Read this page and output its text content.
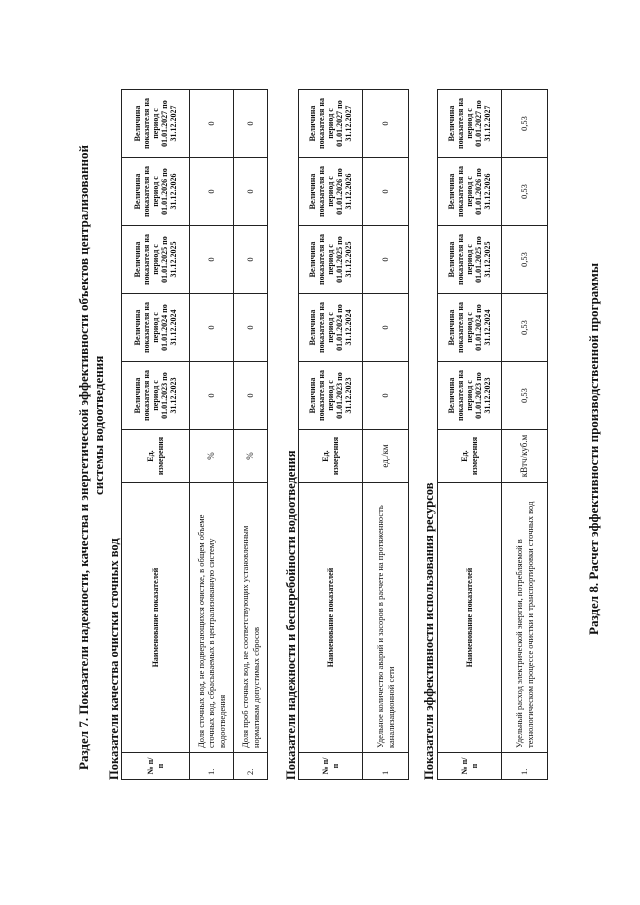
Раздел 7. Показатели надежности, качества и энергетической эффективности объектов централизованной системы водоотведения
Показатели качества очистки сточных вод	№ п/п	Наименование показателей	Ед. измерения	Величина показателя на период с 01.01.2023 по 31.12.2023	Величина показателя на период с 01.01.2024 по 31.12.2024	Величина показателя на период с 01.01.2025 по 31.12.2025	Величина показателя на период с 01.01.2026 по 31.12.2026	Величина показателя на период с 01.01.2027 по 31.12.2027
1.	Доля сточных вод, не подвергающихся очистке, в общем объеме сточных вод, сбрасываемых в централизованную систему водоотведения	%	0	0	0	0	0
2.	Доля проб сточных вод, не соответствующих установленным нормативам допустимых сбросов	%	0	0	0	0	0
Показатели надежности и бесперебойности водоотведения	№ п/п	Наименование показателей	Ед. измерения	Величина показателя на период с 01.01.2023 по 31.12.2023	Величина показателя на период с 01.01.2024 по 31.12.2024	Величина показателя на период с 01.01.2025 по 31.12.2025	Величина показателя на период с 01.01.2026 по 31.12.2026	Величина показателя на период с 01.01.2027 по 31.12.2027
1	Удельное количество аварий и засоров в расчете на протяженность канализационной сети	ед./км	0	0	0	0	0
Показатели эффективности использования ресурсов	№ п/п	Наименование показателей	Ед. измерения	Величина показателя на период с 01.01.2023 по 31.12.2023	Величина показателя на период с 01.01.2024 по 31.12.2024	Величина показателя на период с 01.01.2025 по 31.12.2025	Величина показателя на период с 01.01.2026 по 31.12.2026	Величина показателя на период с 01.01.2027 по 31.12.2027
1.	Удельный расход электрической энергии, потребляемой в технологическом процессе очистки и транспортировки сточных вод	кВтч/куб.м	0,53	0,53	0,53	0,53	0,53
Раздел 8. Расчет эффективности производственной программы
